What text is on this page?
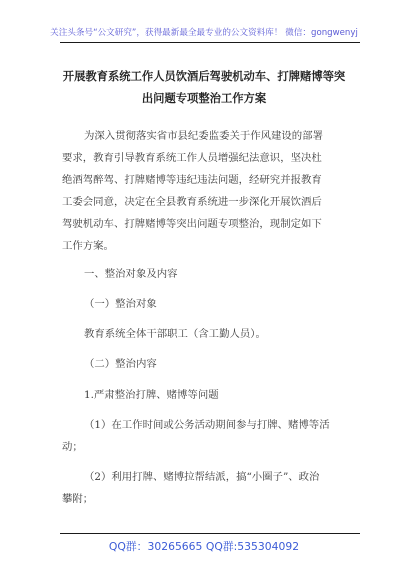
关注头条号“公文研究”，获得最新最全最专业的公文资料库！ 微信：gongwenyj
开展教育系统工作人员饮酒后驾驶机动车、打牌赌博等突
出问题专项整治工作方案
为深入贯彻落实省市县纪委监委关于作风建设的部署
要求，教育引导教育系统工作人员增强纪法意识，坚决杜
绝酒驾醉驾、打牌赌博等违纪违法问题，经研究并报教育
工委会同意，决定在全县教育系统进一步深化开展饮酒后
驾驶机动车、打牌赌博等突出问题专项整治，现制定如下
工作方案。
一、整治对象及内容
（一）整治对象
教育系统全体干部职工（含工勤人员）。
（二）整治内容
1.严肃整治打牌、赌博等问题
（1）在工作时间或公务活动期间参与打牌、赌博等活
动；
（2）利用打牌、赌博拉帮结派，搞“小圈子”、政治
攀附；
QQ群：30265665 QQ群:535304092
